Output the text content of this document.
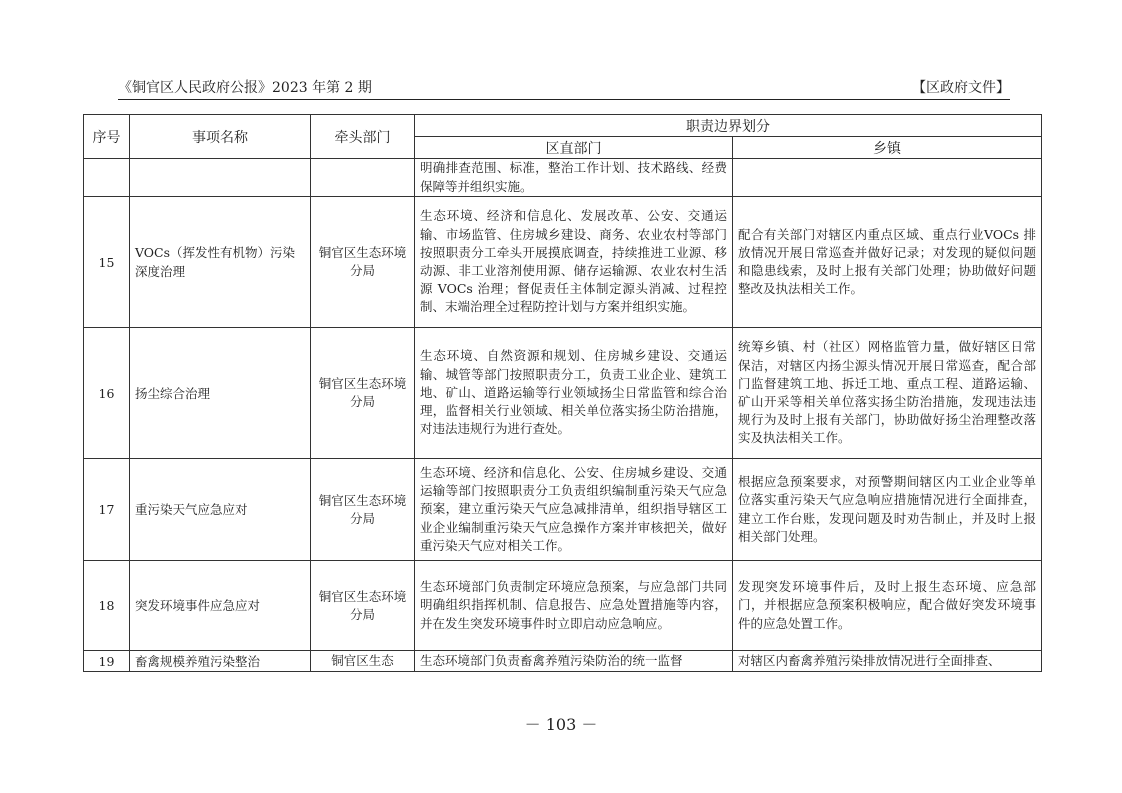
《铜官区人民政府公报》2023 年第 2 期	【区政府文件】
序号	事项名称	牵头部门	职责边界划分	
			区直部门	乡镇
			明确排查范围、标准，整治工作计划、技术路线、经费保障等并组织实施。	
15	VOCs（挥发性有机物）污染深度治理	铜官区生态环境分局	生态环境、经济和信息化、发展改革、公安、交通运输、市场监管、住房城乡建设、商务、农业农村等部门按照职责分工牵头开展摸底调查，持续推进工业源、移动源、非工业溶剂使用源、储存运输源、农业农村生活源 VOCs 治理；督促责任主体制定源头消减、过程控制、末端治理全过程防控计划与方案并组织实施。	配合有关部门对辖区内重点区域、重点行业VOCs 排放情况开展日常巡查并做好记录；对发现的疑似问题和隐患线索，及时上报有关部门处理；协助做好问题整改及执法相关工作。
16	扬尘综合治理	铜官区生态环境分局	生态环境、自然资源和规划、住房城乡建设、交通运输、城管等部门按照职责分工，负责工业企业、建筑工地、矿山、道路运输等行业领域扬尘日常监管和综合治理，监督相关行业领域、相关单位落实扬尘防治措施，对违法违规行为进行查处。	统筹乡镇、村（社区）网格监管力量，做好辖区日常保洁，对辖区内扬尘源头情况开展日常巡查，配合部门监督建筑工地、拆迁工地、重点工程、道路运输、矿山开采等相关单位落实扬尘防治措施，发现违法违规行为及时上报有关部门，协助做好扬尘治理整改落实及执法相关工作。
17	重污染天气应急应对	铜官区生态环境分局	生态环境、经济和信息化、公安、住房城乡建设、交通运输等部门按照职责分工负责组织编制重污染天气应急预案，建立重污染天气应急减排清单，组织指导辖区工业企业编制重污染天气应急操作方案并审核把关，做好重污染天气应对相关工作。	根据应急预案要求，对预警期间辖区内工业企业等单位落实重污染天气应急响应措施情况进行全面排查，建立工作台账，发现问题及时劝告制止，并及时上报相关部门处理。
18	突发环境事件应急应对	铜官区生态环境分局	生态环境部门负责制定环境应急预案，与应急部门共同明确组织指挥机制、信息报告、应急处置措施等内容，并在发生突发环境事件时立即启动应急响应。	发现突发环境事件后，及时上报生态环境、应急部门，并根据应急预案积极响应，配合做好突发环境事件的应急处置工作。
19	畜禽规模养殖污染整治	铜官区生态	生态环境部门负责畜禽养殖污染防治的统一监督	对辖区内畜禽养殖污染排放情况进行全面排查、
－ 103 －
